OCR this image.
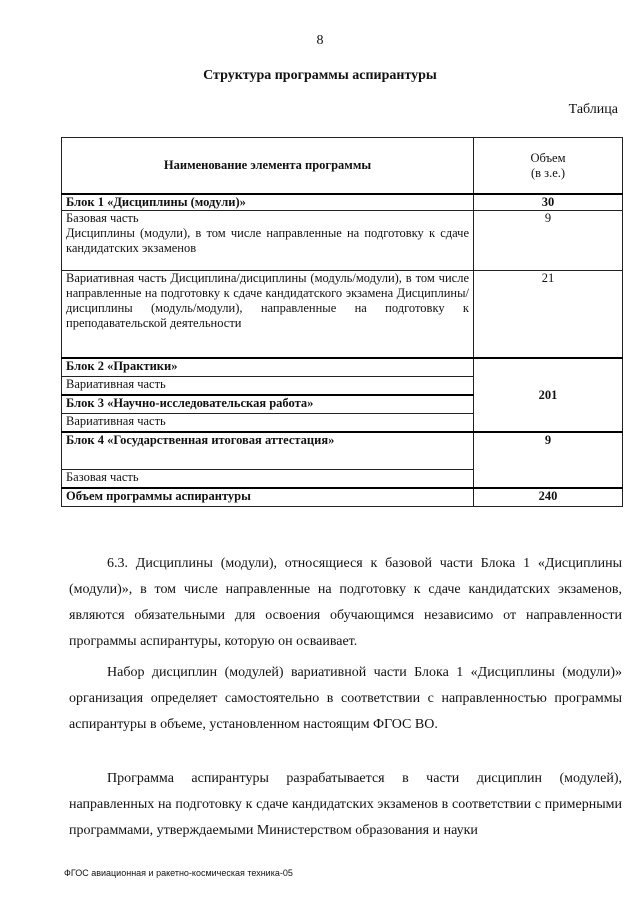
8
Структура программы аспирантуры
Таблица
Наименование элемента программы	Объем
(в з.е.)

Блок 1 «Дисциплины (модули)»	30
Базовая часть	9
Дисциплины (модули), в том числе направленные на подготовку к сдаче кандидатских экзаменов	
Вариативная часть Дисциплина/дисциплины (модуль/модули), в том числе направленные на подготовку к сдаче кандидатского экзамена Дисциплины/дисциплины (модуль/модули), направленные на подготовку к преподавательской деятельности	21
Блок 2 «Практики»	201
Вариативная часть	
Блок 3 «Научно-исследовательская работа»	
Вариативная часть	
Блок 4 «Государственная итоговая аттестация»	9
Базовая часть	
Объем программы аспирантуры	240

6.3. Дисциплины (модули), относящиеся к базовой части Блока 1 «Дисциплины (модули)», в том числе направленные на подготовку к сдаче кандидатских экзаменов, являются обязательными для освоения обучающимся независимо от направленности программы аспирантуры, которую он осваивает.

Набор дисциплин (модулей) вариативной части Блока 1 «Дисциплины (модули)» организация определяет самостоятельно в соответствии с направленностью программы аспирантуры в объеме, установленном настоящим ФГОС ВО.

Программа аспирантуры разрабатывается в части дисциплин (модулей), направленных на подготовку к сдаче кандидатских экзаменов в соответствии с примерными программами, утверждаемыми Министерством образования и науки

ФГОС авиационная и ракетно-космическая техника-05
